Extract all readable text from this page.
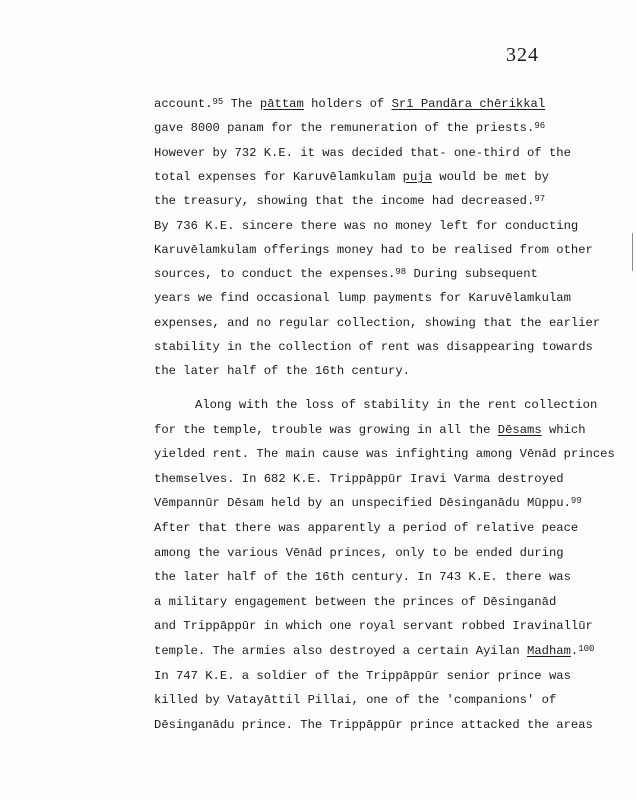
324
account.$^{95}$ The pāttam holders of Srī Pandāra chērikkal
gave 8000 panam for the remuneration of the priests.$^{96}$
However by 732 K.E. it was decided that- one-third of the
total expenses for Karuvēlamkulam puja would be met by
the treasury, showing that the income had decreased.$^{97}$
By 736 K.E. sincere there was no money left for conducting
Karuvēlamkulam offerings money had to be realised from other
sources, to conduct the expenses.$^{98}$ During subsequent
years we find occasional lump payments for Karuvēlamkulam
expenses, and no regular collection, showing that the earlier
stability in the collection of rent was disappearing towards
the later half of the 16th century.
Along with the loss of stability in the rent collection
for the temple, trouble was growing in all the Dēsams which
yielded rent. The main cause was infighting among Vēnād princes
themselves. In 682 K.E. Trippāppūr Iravi Varma destroyed
Vēmpannūr Dēsam held by an unspecified Dēsinganādu Mūppu.$^{99}$
After that there was apparently a period of relative peace
among the various Vēnād princes, only to be ended during
the later half of the 16th century. In 743 K.E. there was
a military engagement between the princes of Dēsinganād
and Trippāppūr in which one royal servant robbed Iravinallūr
temple. The armies also destroyed a certain Ayilan Madham.$^{100}$
In 747 K.E. a soldier of the Trippāppūr senior prince was
killed by Vatayāttil Pillai, one of the 'companions' of
Dēsinganādu prince. The Trippāppūr prince attacked the areas
